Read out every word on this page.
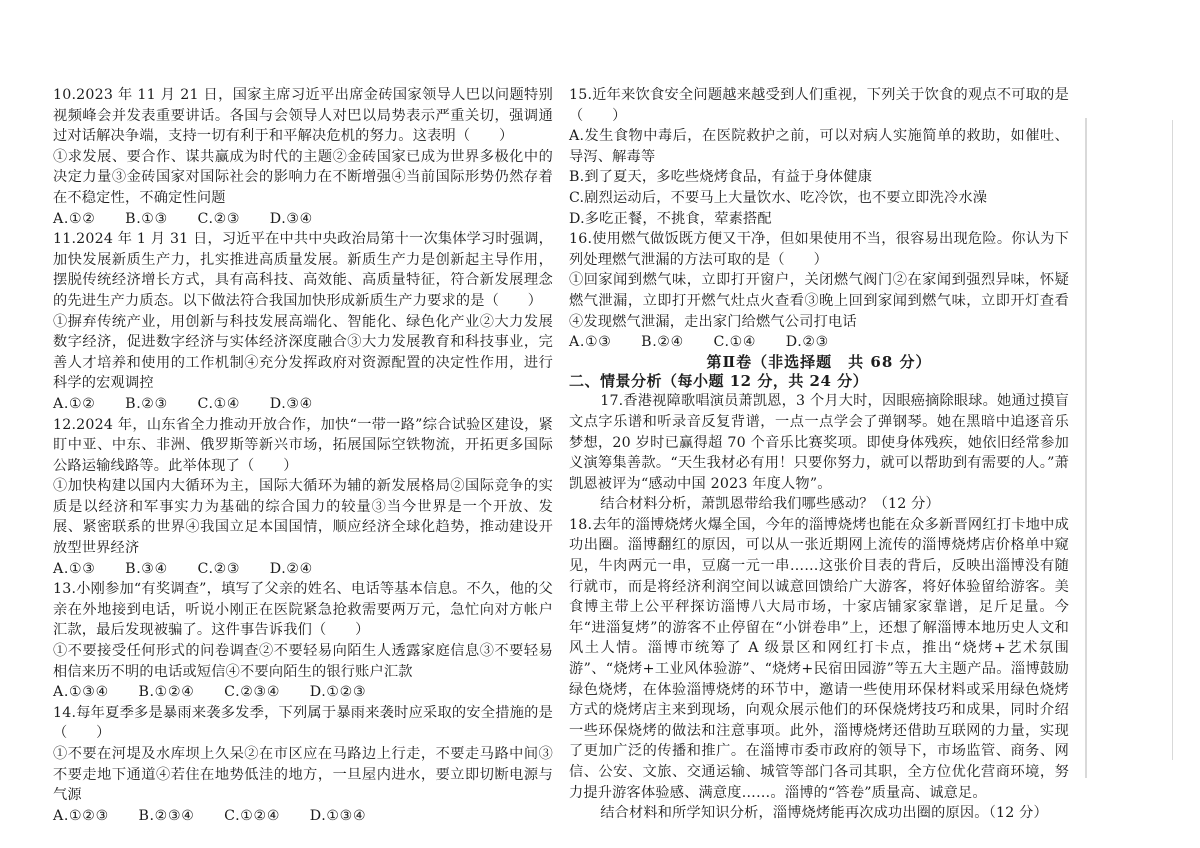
10.2023 年 11 月 21 日，国家主席习近平出席金砖国家领导人巴以问题特别视频峰会并发表重要讲话。各国与会领导人对巴以局势表示严重关切，强调通过对话解决争端，支持一切有利于和平解决危机的努力。这表明（　　）

①求发展、要合作、谋共赢成为时代的主题②金砖国家已成为世界多极化中的决定力量③金砖国家对国际社会的影响力在不断增强④当前国际形势仍然存着在不稳定性，不确定性问题

A.①②　　B.①③　　C.②③　　D.③④

11.2024 年 1 月 31 日，习近平在中共中央政治局第十一次集体学习时强调，加快发展新质生产力，扎实推进高质量发展。新质生产力是创新起主导作用，摆脱传统经济增长方式，具有高科技、高效能、高质量特征，符合新发展理念的先进生产力质态。以下做法符合我国加快形成新质生产力要求的是（　　）

①摒弃传统产业，用创新与科技发展高端化、智能化、绿色化产业②大力发展数字经济，促进数字经济与实体经济深度融合③大力发展教育和科技事业，完善人才培养和使用的工作机制④充分发挥政府对资源配置的决定性作用，进行科学的宏观调控

A.①②　　B.②③　　C.①④　　D.③④

12.2024 年，山东省全力推动开放合作，加快“一带一路”综合试验区建设，紧盯中亚、中东、非洲、俄罗斯等新兴市场，拓展国际空铁物流，开拓更多国际公路运输线路等。此举体现了（　　）

①加快构建以国内大循环为主，国际大循环为辅的新发展格局②国际竞争的实质是以经济和军事实力为基础的综合国力的较量③当今世界是一个开放、发展、紧密联系的世界④我国立足本国国情，顺应经济全球化趋势，推动建设开放型世界经济

A.①③　　B.③④　　C.②③　　D.②④

13.小刚参加“有奖调查”，填写了父亲的姓名、电话等基本信息。不久，他的父亲在外地接到电话，听说小刚正在医院紧急抢救需要两万元，急忙向对方帐户汇款，最后发现被骗了。这件事告诉我们（　　）

①不要接受任何形式的问卷调查②不要轻易向陌生人透露家庭信息③不要轻易相信来历不明的电话或短信④不要向陌生的银行账户汇款

A.①③④　　B.①②④　　C.②③④　　D.①②③

14.每年夏季多是暴雨来袭多发季，下列属于暴雨来袭时应采取的安全措施的是（　　）

①不要在河堤及水库坝上久呆②在市区应在马路边上行走，不要走马路中间③不要走地下通道④若住在地势低洼的地方，一旦屋内进水，要立即切断电源与气源

A.①②③　　B.②③④　　C.①②④　　D.①③④

15.近年来饮食安全问题越来越受到人们重视，下列关于饮食的观点不可取的是（　　）

A.发生食物中毒后，在医院救护之前，可以对病人实施简单的救助，如催吐、导泻、解毒等

B.到了夏天，多吃些烧烤食品，有益于身体健康

C.剧烈运动后，不要马上大量饮水、吃冷饮，也不要立即洗冷水澡

D.多吃正餐，不挑食，荤素搭配

16.使用燃气做饭既方便又干净，但如果使用不当，很容易出现危险。你认为下列处理燃气泄漏的方法可取的是（　　）

①回家闻到燃气味，立即打开窗户，关闭燃气阀门②在家闻到强烈异味，怀疑燃气泄漏，立即打开燃气灶点火查看③晚上回到家闻到燃气味，立即开灯查看④发现燃气泄漏，走出家门给燃气公司打电话

A.①③　　B.②④　　C.①④　　D.②③

第Ⅱ卷（非选择题　共 68 分）

二、情景分析（每小题 12 分，共 24 分）

17.香港视障歌唱演员萧凯恩，3 个月大时，因眼癌摘除眼球。她通过摸盲文点字乐谱和听录音反复背谱，一点一点学会了弹钢琴。她在黑暗中追逐音乐梦想，20 岁时已赢得超 70 个音乐比赛奖项。即使身体残疾，她依旧经常参加义演筹集善款。“天生我材必有用！只要你努力，就可以帮助到有需要的人。”萧凯恩被评为“感动中国 2023 年度人物”。

结合材料分析，萧凯恩带给我们哪些感动？（12 分）

18.去年的淄博烧烤火爆全国，今年的淄博烧烤也能在众多新晋网红打卡地中成功出圈。淄博翻红的原因，可以从一张近期网上流传的淄博烧烤店价格单中窥见，牛肉两元一串，豆腐一元一串……这张价目表的背后，反映出淄博没有随行就市，而是将经济利润空间以诚意回馈给广大游客，将好体验留给游客。美食博主带上公平秤探访淄博八大局市场，十家店铺家家靠谱，足斤足量。今年“进淄复烤”的游客不止停留在“小饼卷串”上，还想了解淄博本地历史人文和风土人情。淄博市统筹了 A 级景区和网红打卡点，推出“烧烤+艺术氛围游”、“烧烤+工业风体验游”、“烧烤+民宿田园游”等五大主题产品。淄博鼓励绿色烧烤，在体验淄博烧烤的环节中，邀请一些使用环保材料或采用绿色烧烤方式的烧烤店主来到现场，向观众展示他们的环保烧烤技巧和成果，同时介绍一些环保烧烤的做法和注意事项。此外，淄博烧烤还借助互联网的力量，实现了更加广泛的传播和推广。在淄博市委市政府的领导下，市场监管、商务、网信、公安、文旅、交通运输、城管等部门各司其职，全方位优化营商环境，努力提升游客体验感、满意度……。淄博的“答卷”质量高、诚意足。

结合材料和所学知识分析，淄博烧烤能再次成功出圈的原因。（12 分）
